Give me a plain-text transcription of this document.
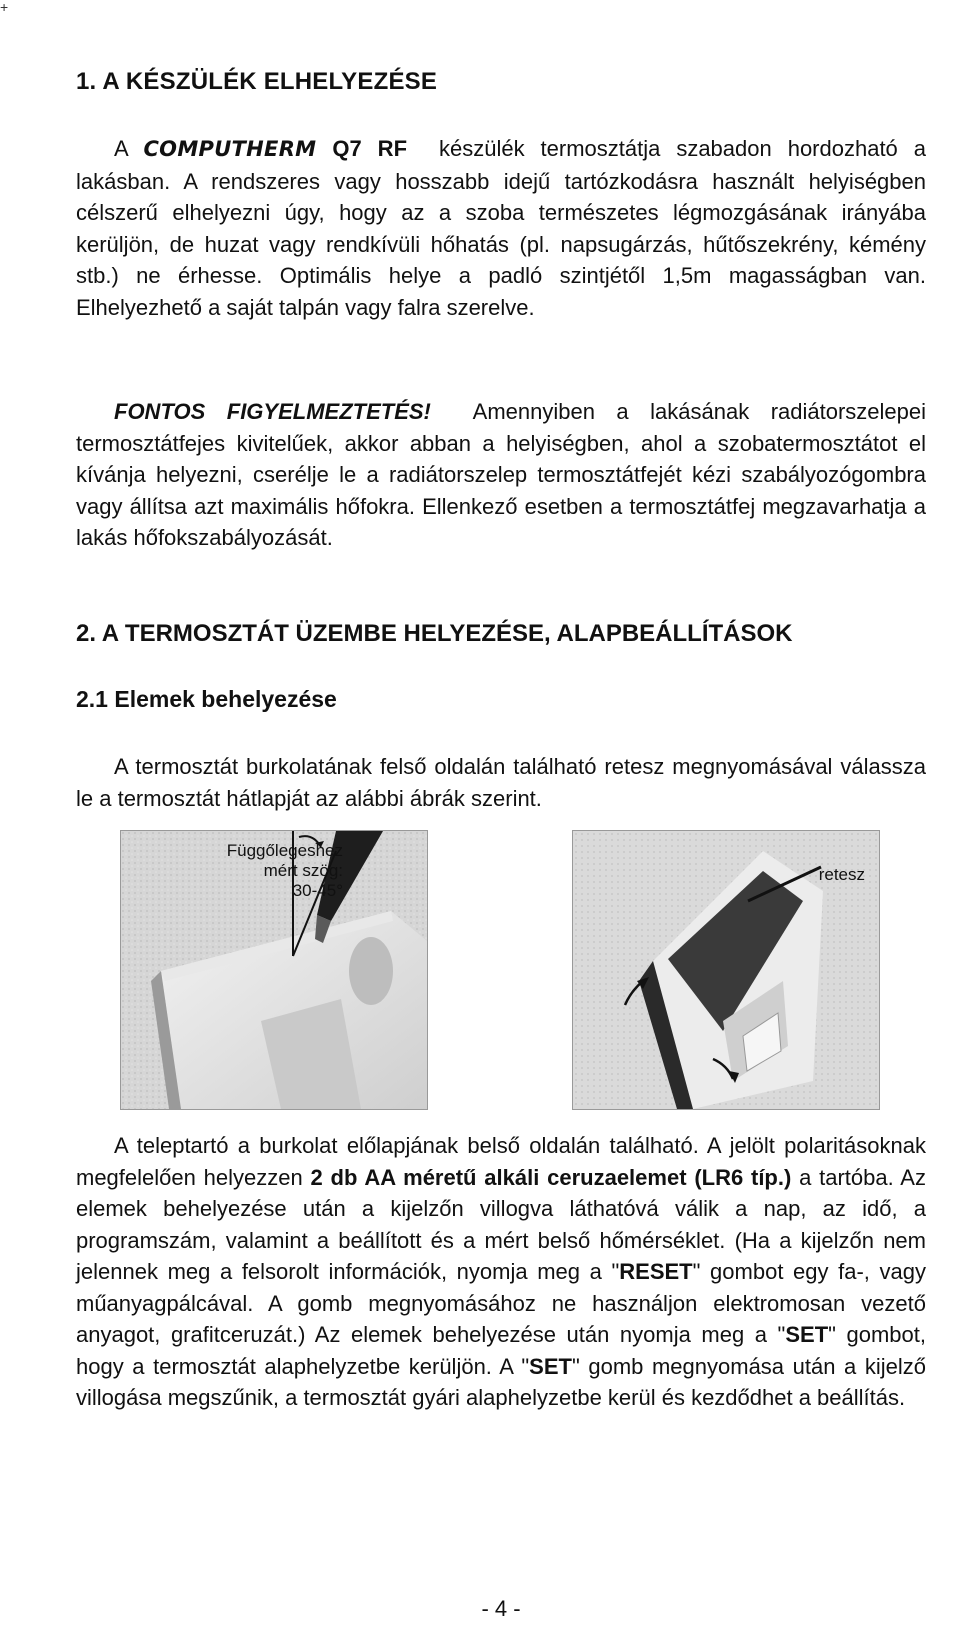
+
1. A KÉSZÜLÉK ELHELYEZÉSE

A COMPUTHERM Q7 RF készülék termosztátja szabadon hordozható a lakásban. A rendszeres vagy hosszabb idejű tartózkodásra használt helyiségben célszerű elhelyezni úgy, hogy az a szoba természetes légmozgásának irányába kerüljön, de huzat vagy rendkívüli hőhatás (pl. napsugárzás, hűtőszekrény, kémény stb.) ne érhesse. Optimális helye a padló szintjétől 1,5m magasságban van. Elhelyezhető a saját talpán vagy falra szerelve.

FONTOS FIGYELMEZTETÉS! Amennyiben a lakásának radiátorszelepei termosztátfejes kivitelűek, akkor abban a helyiségben, ahol a szobatermosztátot el kívánja helyezni, cserélje le a radiátorszelep termosztátfejét kézi szabályozógombra vagy állítsa azt maximális hőfokra. Ellenkező esetben a termosztátfej megzavarhatja a lakás hőfokszabályozását.

2. A TERMOSZTÁT ÜZEMBE HELYEZÉSE, ALAPBEÁLLÍTÁSOK
2.1 Elemek behelyezése

A termosztát burkolatának felső oldalán található retesz megnyomásával válassza le a termosztát hátlapját az alábbi ábrák szerint.

Függőlegeshez
mért szög:
30-45°
retesz

A teleptartó a burkolat előlapjának belső oldalán található. A jelölt polaritásoknak megfelelően helyezzen 2 db AA méretű alkáli ceruzaelemet (LR6 típ.) a tartóba. Az elemek behelyezése után a kijelzőn villogva láthatóvá válik a nap, az idő, a programszám, valamint a beállított és a mért belső hőmérséklet. (Ha a kijelzőn nem jelennek meg a felsorolt információk, nyomja meg a "RESET" gombot egy fa-, vagy műanyagpálcával. A gomb megnyomásához ne használjon elektromosan vezető anyagot, grafitceruzát.) Az elemek behelyezése után nyomja meg a "SET" gombot, hogy a termosztát alaphelyzetbe kerüljön. A "SET" gomb megnyomása után a kijelző villogása megszűnik, a termosztát gyári alaphelyzetbe kerül és kezdődhet a beállítás.

- 4 -
